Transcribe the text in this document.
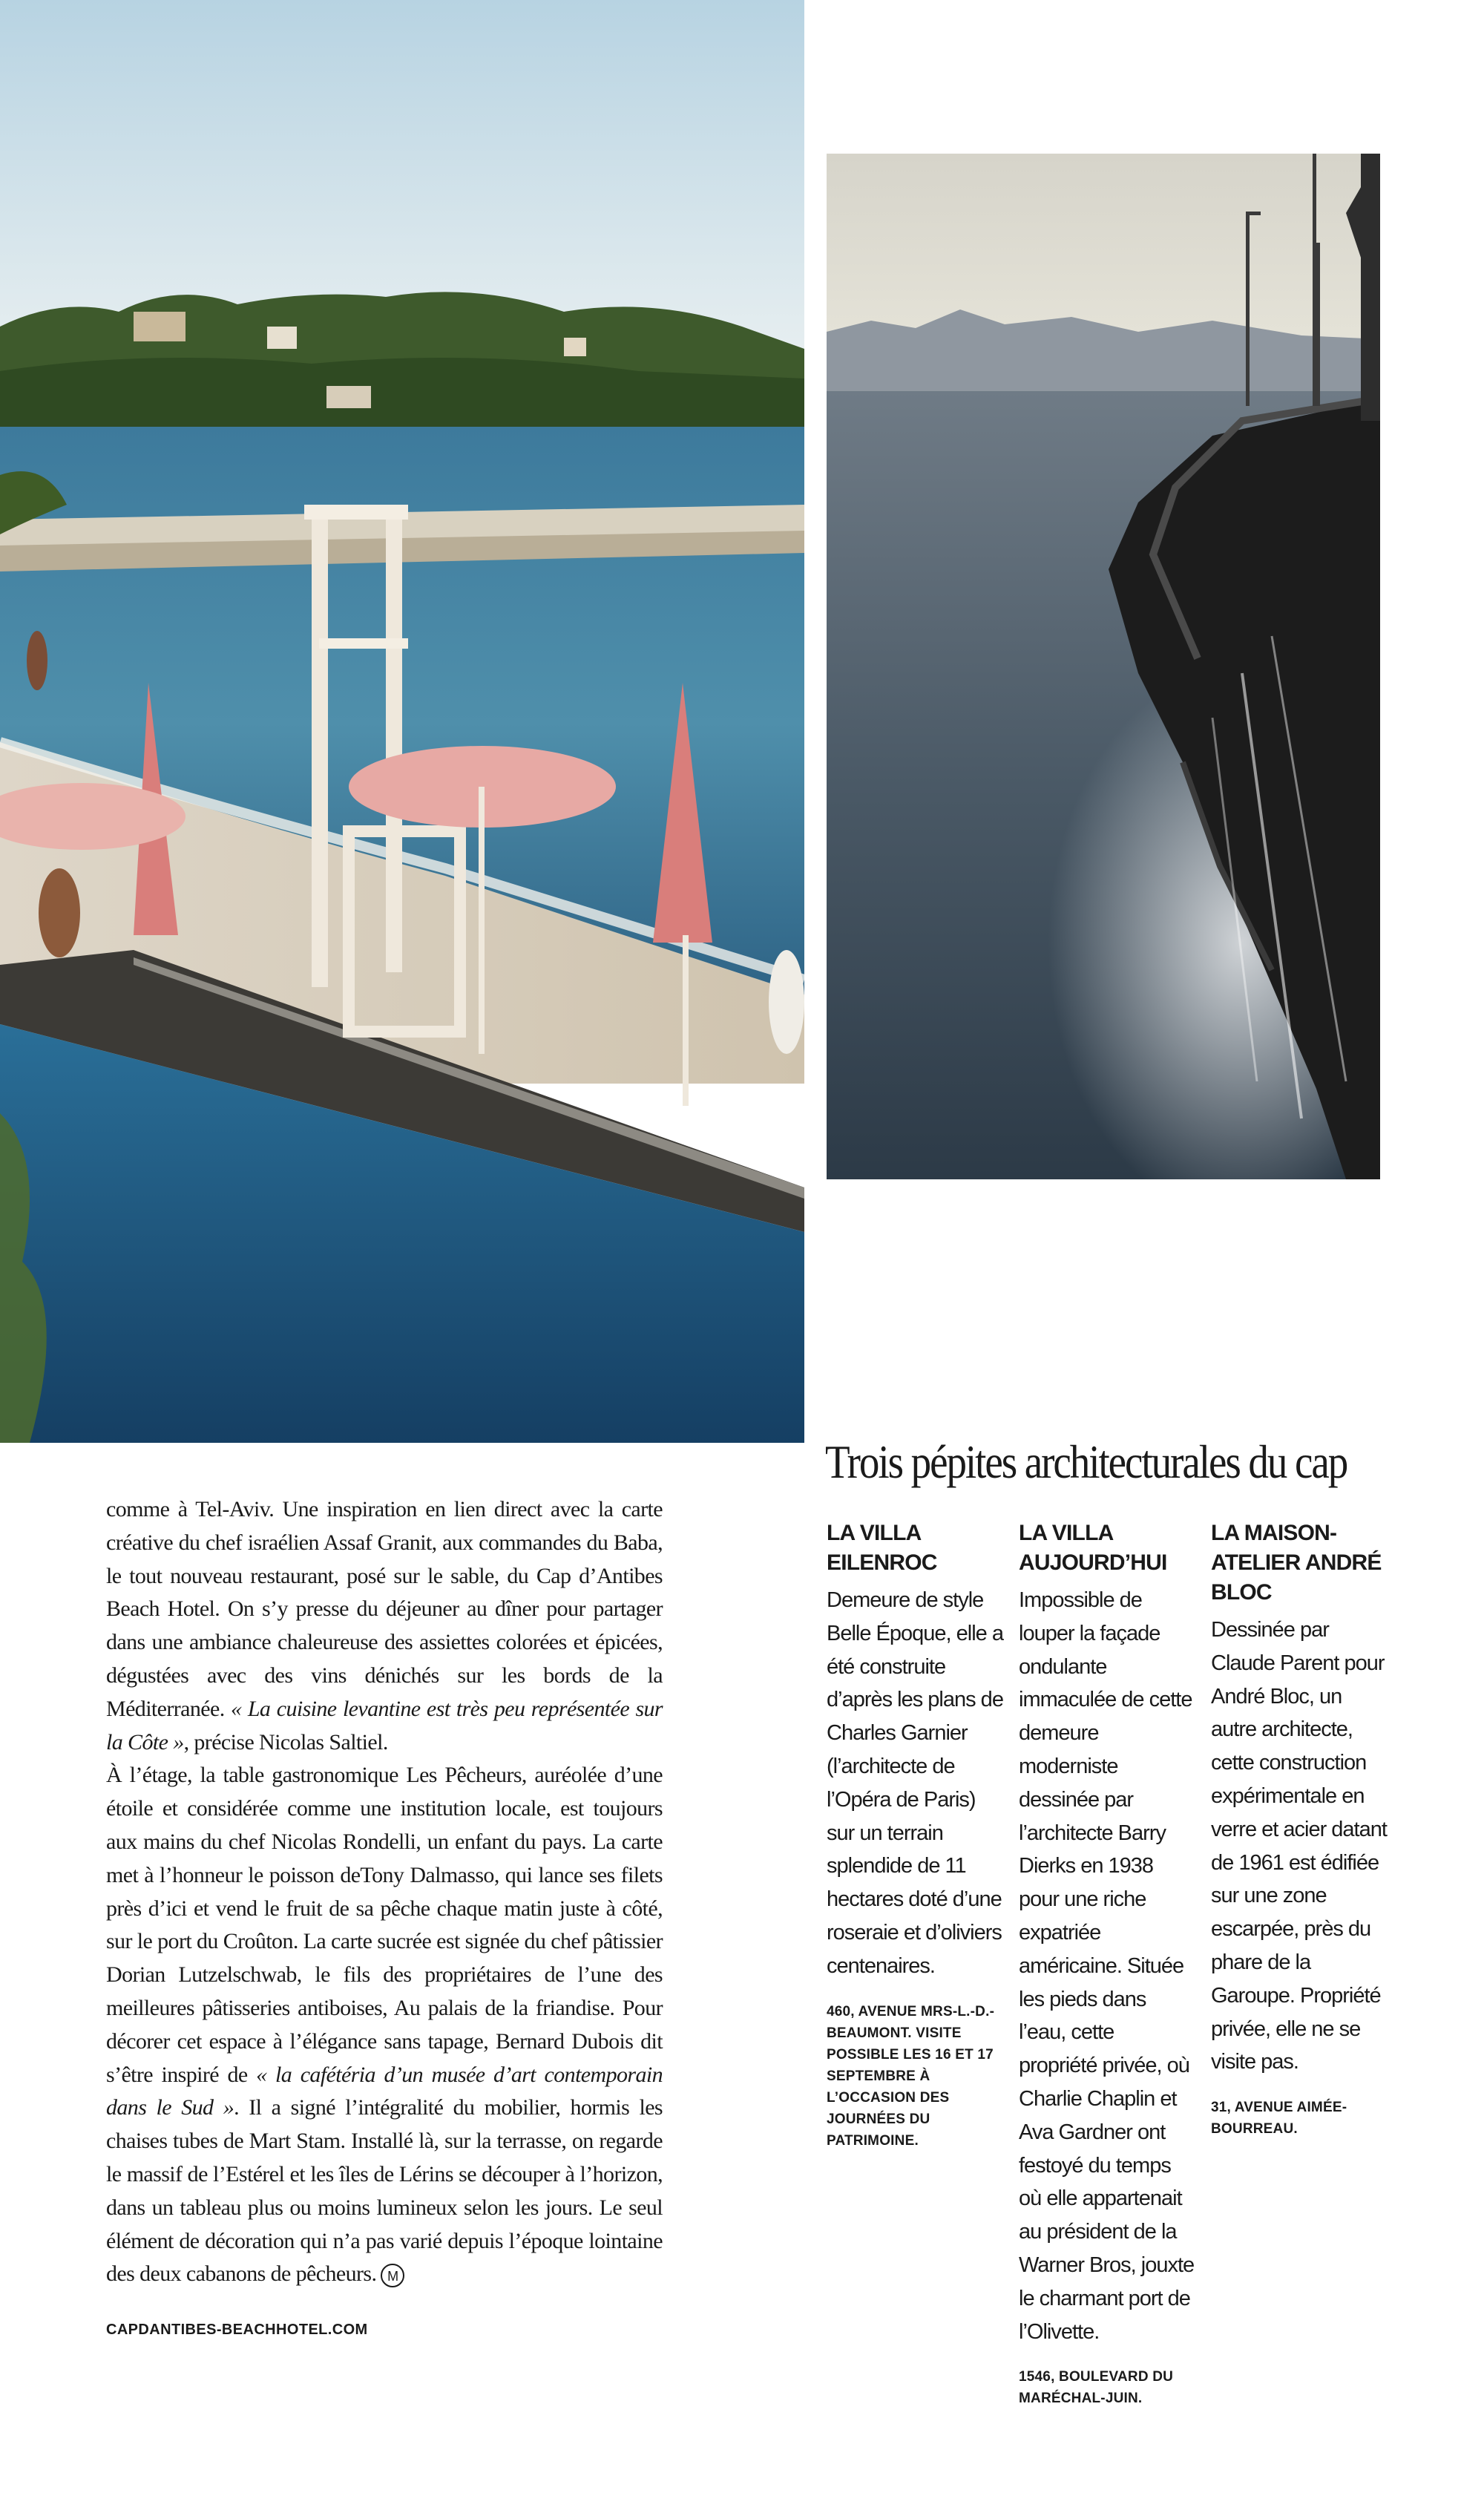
comme à Tel-Aviv. Une inspiration en lien direct avec la carte créative du chef israélien Assaf Granit, aux commandes du Baba, le tout nouveau restaurant, posé sur le sable, du Cap d’Antibes Beach Hotel. On s’y presse du déjeuner au dîner pour partager dans une ambiance chaleureuse des assiettes colorées et épicées, dégustées avec des vins dénichés sur les bords de la Méditerranée. « La cuisine levantine est très peu représentée sur la Côte », précise Nicolas Saltiel.

À l’étage, la table gastronomique Les Pêcheurs, auréolée d’une étoile et considérée comme une institution locale, est toujours aux mains du chef Nicolas Rondelli, un enfant du pays. La carte met à l’honneur le poisson deTony Dalmasso, qui lance ses filets près d’ici et vend le fruit de sa pêche chaque matin juste à côté, sur le port du Croûton. La carte sucrée est signée du chef pâtissier Dorian Lutzelschwab, le fils des propriétaires de l’une des meilleures pâtisseries antiboises, Au palais de la friandise. Pour décorer cet espace à l’élégance sans tapage, Bernard Dubois dit s’être inspiré de « la cafétéria d’un musée d’art contemporain dans le Sud ». Il a signé l’intégralité du mobilier, hormis les chaises tubes de Mart Stam. Installé là, sur la terrasse, on regarde le massif de l’Estérel et les îles de Lérins se découper à l’horizon, dans un tableau plus ou moins lumineux selon les jours. Le seul élément de décoration qui n’a pas varié depuis l’époque lointaine des deux cabanons de pêcheurs. M

CAPDANTIBES-BEACHHOTEL.COM
Trois pépites architecturales du cap
LA VILLA EILENROC
Demeure de style Belle Époque, elle a été construite d’après les plans de Charles Garnier (l’architecte de l’Opéra de Paris) sur un terrain splendide de 11 hectares doté d’une roseraie et d’oliviers centenaires.
460, AVENUE MRS-L.-D.-BEAUMONT. VISITE POSSIBLE LES 16 ET 17 SEPTEMBRE À L’OCCASION DES JOURNÉES DU PATRIMOINE.
LA VILLA AUJOURD’HUI
Impossible de louper la façade ondulante immaculée de cette demeure moderniste dessinée par l’architecte Barry Dierks en 1938 pour une riche expatriée américaine. Située les pieds dans l’eau, cette propriété privée, où Charlie Chaplin et Ava Gardner ont festoyé du temps où elle appartenait au président de la Warner Bros, jouxte le charmant port de l’Olivette.
1546, BOULEVARD DU MARÉCHAL-JUIN.
LA MAISON-ATELIER ANDRÉ BLOC
Dessinée par Claude Parent pour André Bloc, un autre architecte, cette construction expérimentale en verre et acier datant de 1961 est édifiée sur une zone escarpée, près du phare de la Garoupe. Propriété privée, elle ne se visite pas.
31, AVENUE AIMÉE-BOURREAU.
